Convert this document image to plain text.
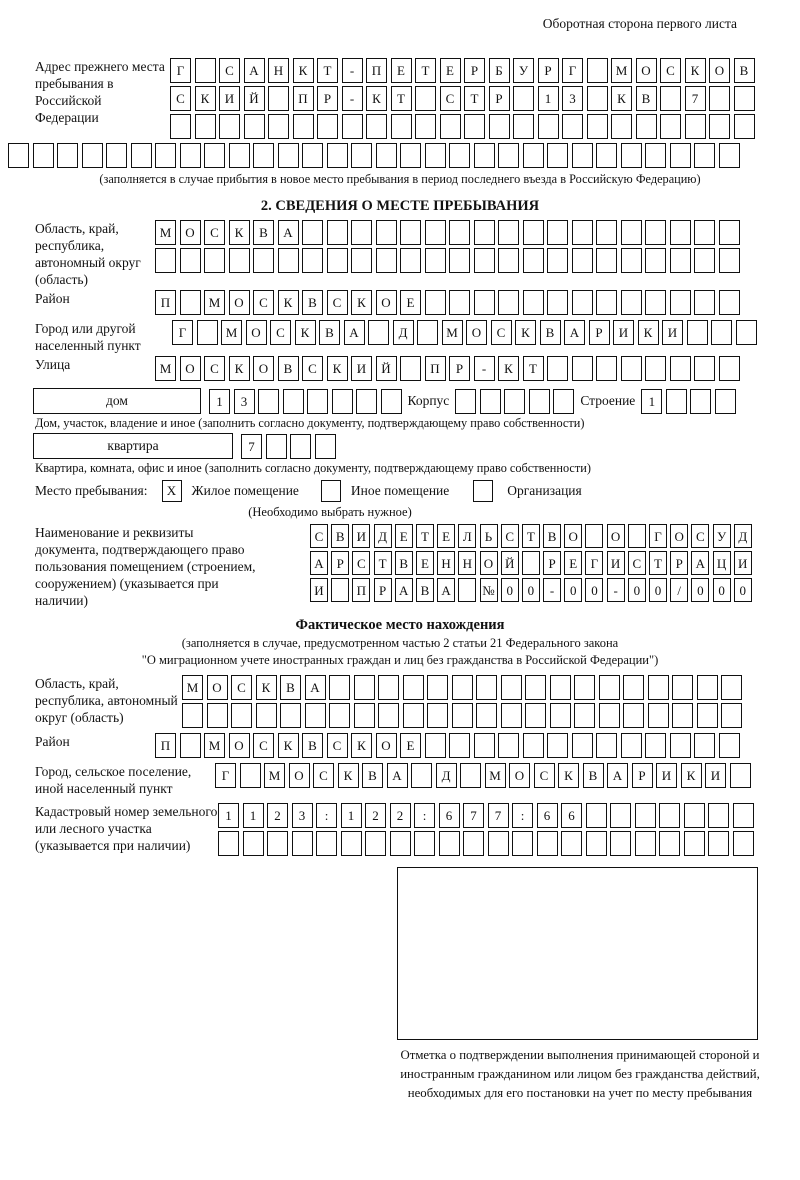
Оборотная сторона первого листа
Адрес прежнего места пребывания в Российской Федерации
Г	С	А	Н	К	Т	-	П	Е	Т	Е	Р	Б	У	Р	Г	М	О	С	К	О	В
С	К	И	Й	П	Р	-	К	Т	С	Т	Р	1	3	К	В	7
(заполняется в случае прибытия в новое место пребывания в период последнего въезда в Российскую Федерацию)
2. СВЕДЕНИЯ О МЕСТЕ ПРЕБЫВАНИЯ
Область, край, республика, автономный округ (область)
М	О	С	К	В	А
Район	П	М	О	С	К	В	С	К	О	Е
Город или другой населенный пункт
Г	М	О	С	К	В	А	Д	М	О	С	К	В	А	Р	И	К	И
Улица	М	О	С	К	О	В	С	К	И	Й	П	Р	-	К	Т
дом	1	3	Корпус	Строение	1
Дом, участок, владение и иное (заполнить согласно документу, подтверждающему право собственности)
квартира	7
Квартира, комната, офис и иное (заполнить согласно документу, подтверждающему право собственности)
Место пребывания:	X	Жилое помещение	Иное помещение	Организация
(Необходимо выбрать нужное)
Наименование и реквизиты документа, подтверждающего право пользования помещением (строением, сооружением) (указывается при наличии)
С В И Д Е	Т	Е Л	Ь	С Т В О	О	Г О С У Д
А Р	С Т В Е Н Н О Й	Р	Е	Г И С Т	Р А Ц И
И	П Р А В А	№ 0	0	-	0	0	-	0	0	/	0	0	0
Фактическое место нахождения
(заполняется в случае, предусмотренном частью 2 статьи 21 Федерального закона
"О миграционном учете иностранных граждан и лиц без гражданства в Российской Федерации")
Область, край, республика, автономный округ (область)
М	О	С	К	В	А
Район	П	М	О	С	К	В	С	К	О	Е
Город, сельское поселение, иной населенный пункт
Г	М	О	С	К	В	А	Д	М	О	С	К	В	А	Р	И	К	И
Кадастровый номер земельного или лесного участка (указывается при наличии)
1	1	2	3	:	1	2	2	:	6	7	7	:	6	6
Отметка о подтверждении выполнения принимающей стороной и иностранным гражданином или лицом без гражданства действий, необходимых для его постановки на учет по месту пребывания
